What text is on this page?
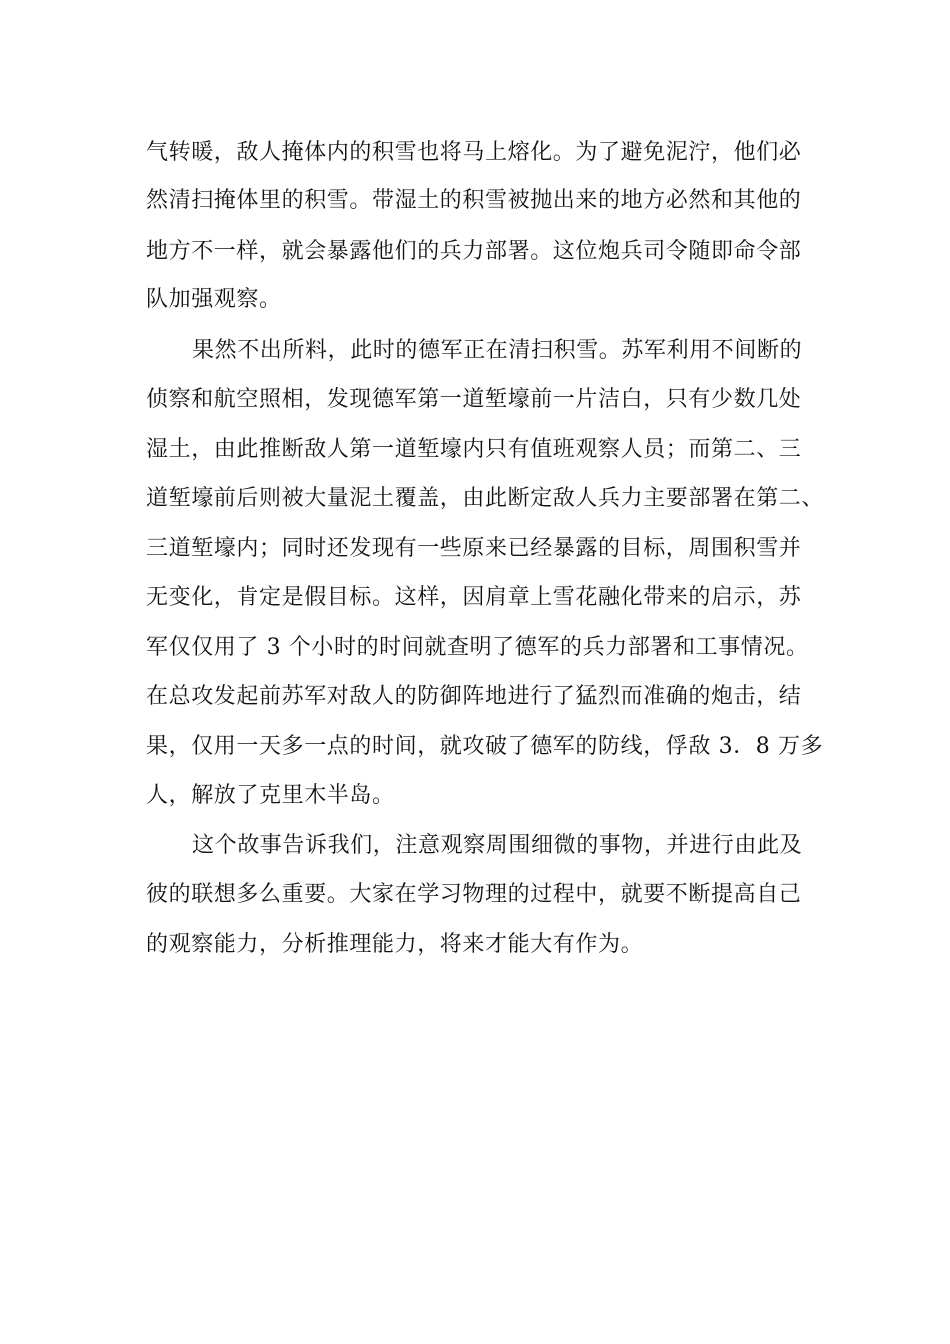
气转暖，敌人掩体内的积雪也将马上熔化。为了避免泥泞，他们必
然清扫掩体里的积雪。带湿土的积雪被抛出来的地方必然和其他的
地方不一样，就会暴露他们的兵力部署。这位炮兵司令随即命令部
队加强观察。
果然不出所料，此时的德军正在清扫积雪。苏军利用不间断的
侦察和航空照相，发现德军第一道堑壕前一片洁白，只有少数几处
湿土，由此推断敌人第一道堑壕内只有值班观察人员；而第二、三
道堑壕前后则被大量泥土覆盖，由此断定敌人兵力主要部署在第二、
三道堑壕内；同时还发现有一些原来已经暴露的目标，周围积雪并
无变化，肯定是假目标。这样，因肩章上雪花融化带来的启示，苏
军仅仅用了 3 个小时的时间就查明了德军的兵力部署和工事情况。
在总攻发起前苏军对敌人的防御阵地进行了猛烈而准确的炮击，结
果，仅用一天多一点的时间，就攻破了德军的防线，俘敌 3．8 万多
人，解放了克里木半岛。
这个故事告诉我们，注意观察周围细微的事物，并进行由此及
彼的联想多么重要。大家在学习物理的过程中，就要不断提高自己
的观察能力，分析推理能力，将来才能大有作为。
